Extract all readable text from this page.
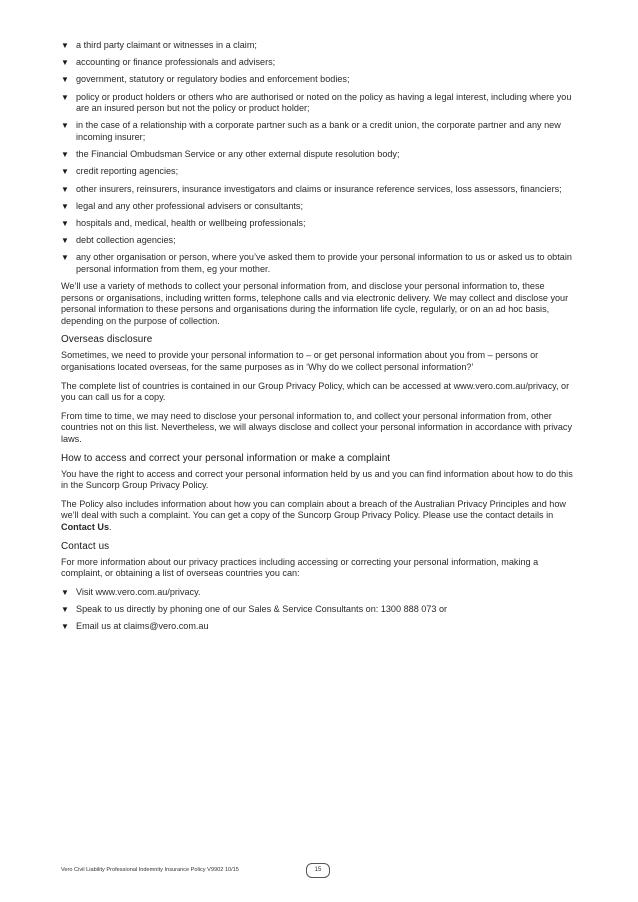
▼ a third party claimant or witnesses in a claim;
▼ accounting or finance professionals and advisers;
▼ government, statutory or regulatory bodies and enforcement bodies;
▼ policy or product holders or others who are authorised or noted on the policy as having a legal interest, including where you are an insured person but not the policy or product holder;
▼ in the case of a relationship with a corporate partner such as a bank or a credit union, the corporate partner and any new incoming insurer;
▼ the Financial Ombudsman Service or any other external dispute resolution body;
▼ credit reporting agencies;
▼ other insurers, reinsurers, insurance investigators and claims or insurance reference services, loss assessors, financiers;
▼ legal and any other professional advisers or consultants;
▼ hospitals and, medical, health or wellbeing professionals;
▼ debt collection agencies;
▼ any other organisation or person, where you’ve asked them to provide your personal information to us or asked us to obtain personal information from them, eg your mother.

We’ll use a variety of methods to collect your personal information from, and disclose your personal information to, these persons or organisations, including written forms, telephone calls and via electronic delivery. We may collect and disclose your personal information to these persons and organisations during the information life cycle, regularly, or on an ad hoc basis, depending on the purpose of collection.

Overseas disclosure

Sometimes, we need to provide your personal information to – or get personal information about you from – persons or organisations located overseas, for the same purposes as in ‘Why do we collect personal information?’

The complete list of countries is contained in our Group Privacy Policy, which can be accessed at www.vero.com.au/privacy, or you can call us for a copy.

From time to time, we may need to disclose your personal information to, and collect your personal information from, other countries not on this list. Nevertheless, we will always disclose and collect your personal information in accordance with privacy laws.

How to access and correct your personal information or make a complaint

You have the right to access and correct your personal information held by us and you can find information about how to do this in the Suncorp Group Privacy Policy.

The Policy also includes information about how you can complain about a breach of the Australian Privacy Principles and how we’ll deal with such a complaint. You can get a copy of the Suncorp Group Privacy Policy. Please use the contact details in Contact Us.

Contact us

For more information about our privacy practices including accessing or correcting your personal information, making a complaint, or obtaining a list of overseas countries you can:

▼ Visit www.vero.com.au/privacy.
▼ Speak to us directly by phoning one of our Sales & Service Consultants on: 1300 888 073 or
▼ Email us at claims@vero.com.au
Vero Civil Liability Professional Indemnity Insurance Policy V9902 10/15	15
